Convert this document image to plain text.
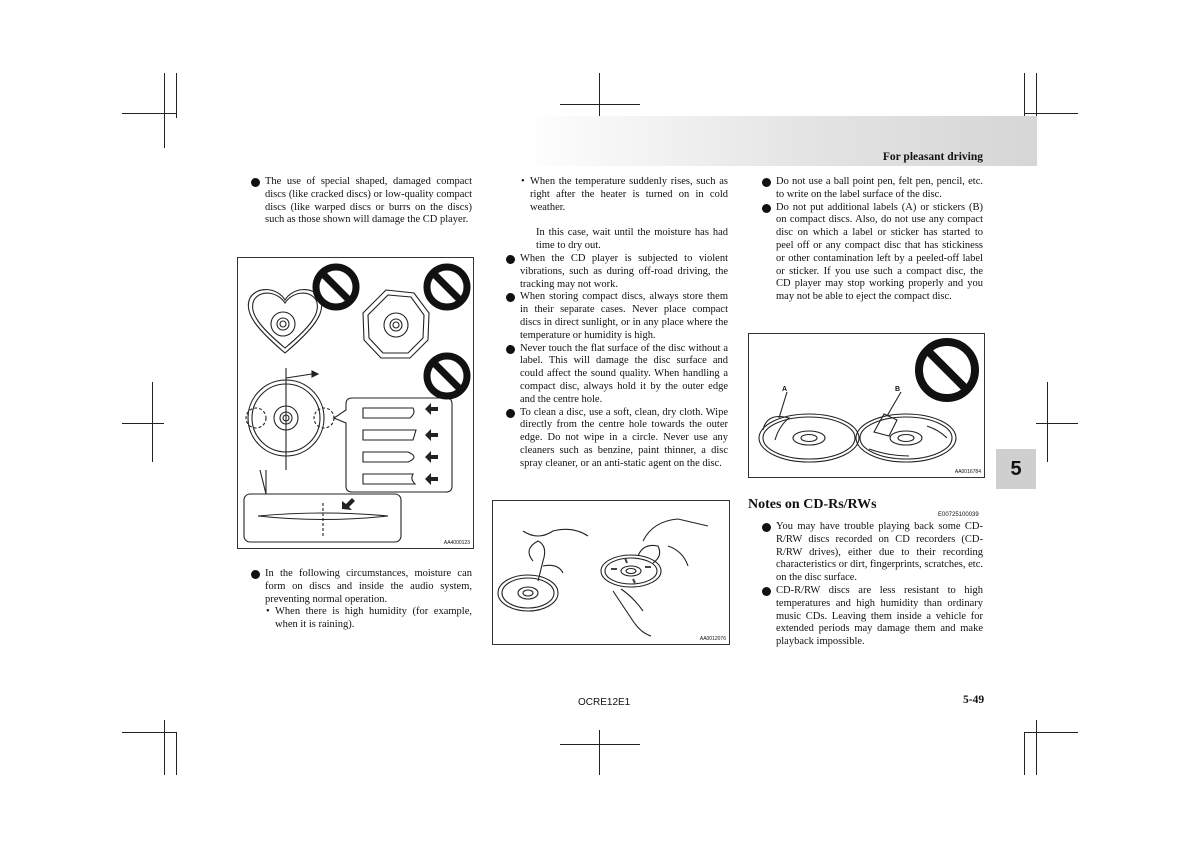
For pleasant driving
5

The use of special shaped, damaged compact discs (like cracked discs) or low-quality compact discs (like warped discs or burrs on the discs) such as those shown will damage the CD player.

AA4000123

In the following circumstances, moisture can form on discs and inside the audio system, preventing normal operation.

• When there is high humidity (for example, when it is raining).

• When the temperature suddenly rises, such as right after the heater is turned on in cold weather.

In this case, wait until the moisture has had time to dry out.

When the CD player is subjected to violent vibrations, such as during off-road driving, the tracking may not work.

When storing compact discs, always store them in their separate cases. Never place compact discs in direct sunlight, or in any place where the temperature or humidity is high.

Never touch the flat surface of the disc without a label. This will damage the disc surface and could affect the sound quality. When handling a compact disc, always hold it by the outer edge and the centre hole.

To clean a disc, use a soft, clean, dry cloth. Wipe directly from the centre hole towards the outer edge. Do not wipe in a circle. Never use any cleaners such as benzine, paint thinner, a disc spray cleaner, or an anti-static agent on the disc.

AA0012076

Do not use a ball point pen, felt pen, pencil, etc. to write on the label surface of the disc.

Do not put additional labels (A) or stickers (B) on compact discs. Also, do not use any compact disc on which a label or sticker has started to peel off or any compact disc that has stickiness or other contamination left by a peeled-off label or sticker. If you use such a compact disc, the CD player may stop working properly and you may not be able to eject the compact disc.

A	B
AA0016784
Notes on CD-Rs/RWs
E00725100039

You may have trouble playing back some CD-R/RW discs recorded on CD recorders (CD-R/RW drives), either due to their recording characteristics or dirt, fingerprints, scratches, etc. on the disc surface.

CD-R/RW discs are less resistant to high temperatures and high humidity than ordinary music CDs. Leaving them inside a vehicle for extended periods may damage them and make playback impossible.

OCRE12E1	5-49
